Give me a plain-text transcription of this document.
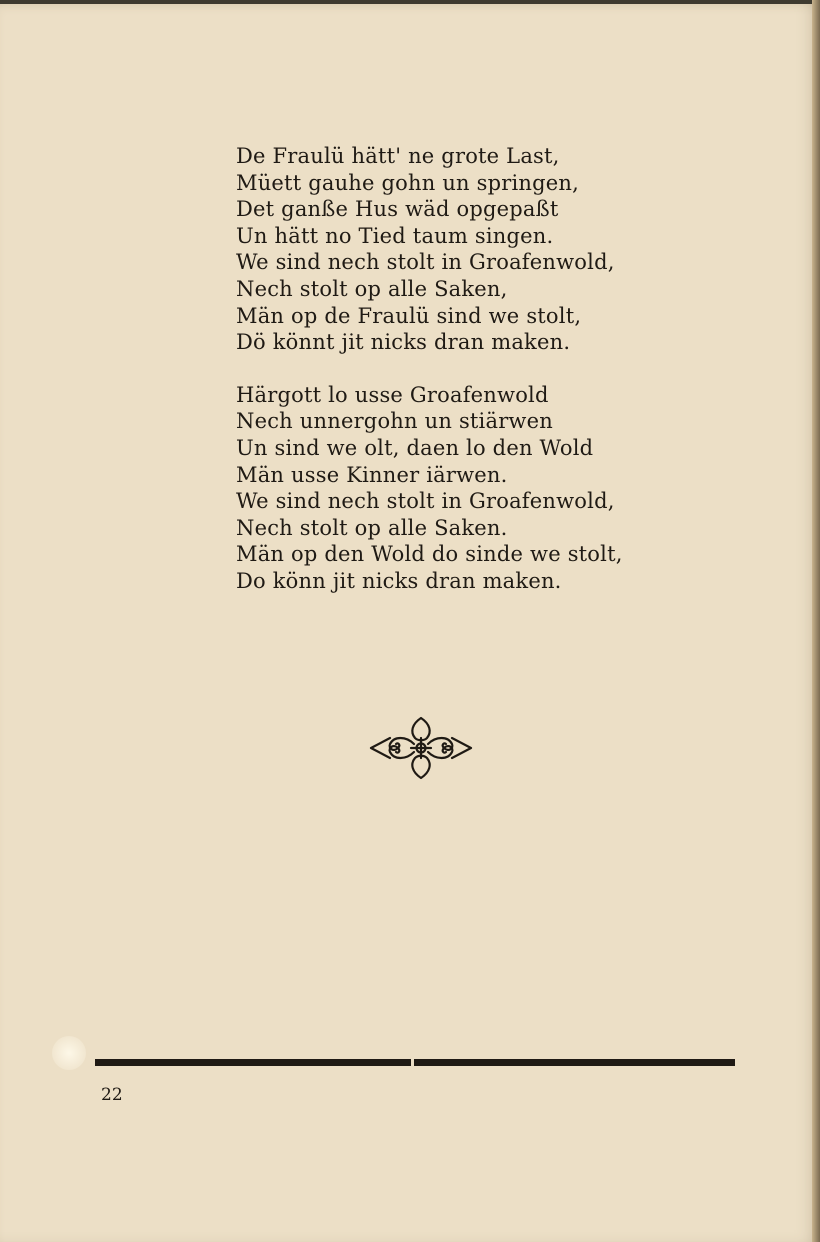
De Fraulü hätt' ne grote Last,
Müett gauhe gohn un springen,
Det ganße Hus wäd opgepaßt
Un hätt no Tied taum singen.
We sind nech stolt in Groafenwold,
Nech stolt op alle Saken,
Män op de Fraulü sind we stolt,
Dö könnt jit nicks dran maken.
Härgott lo usse Groafenwold
Nech unnergohn un stiärwen
Un sind we olt, daen lo den Wold
Män usse Kinner iärwen.
We sind nech stolt in Groafenwold,
Nech stolt op alle Saken.
Män op den Wold do sinde we stolt,
Do könn jit nicks dran maken.
22
